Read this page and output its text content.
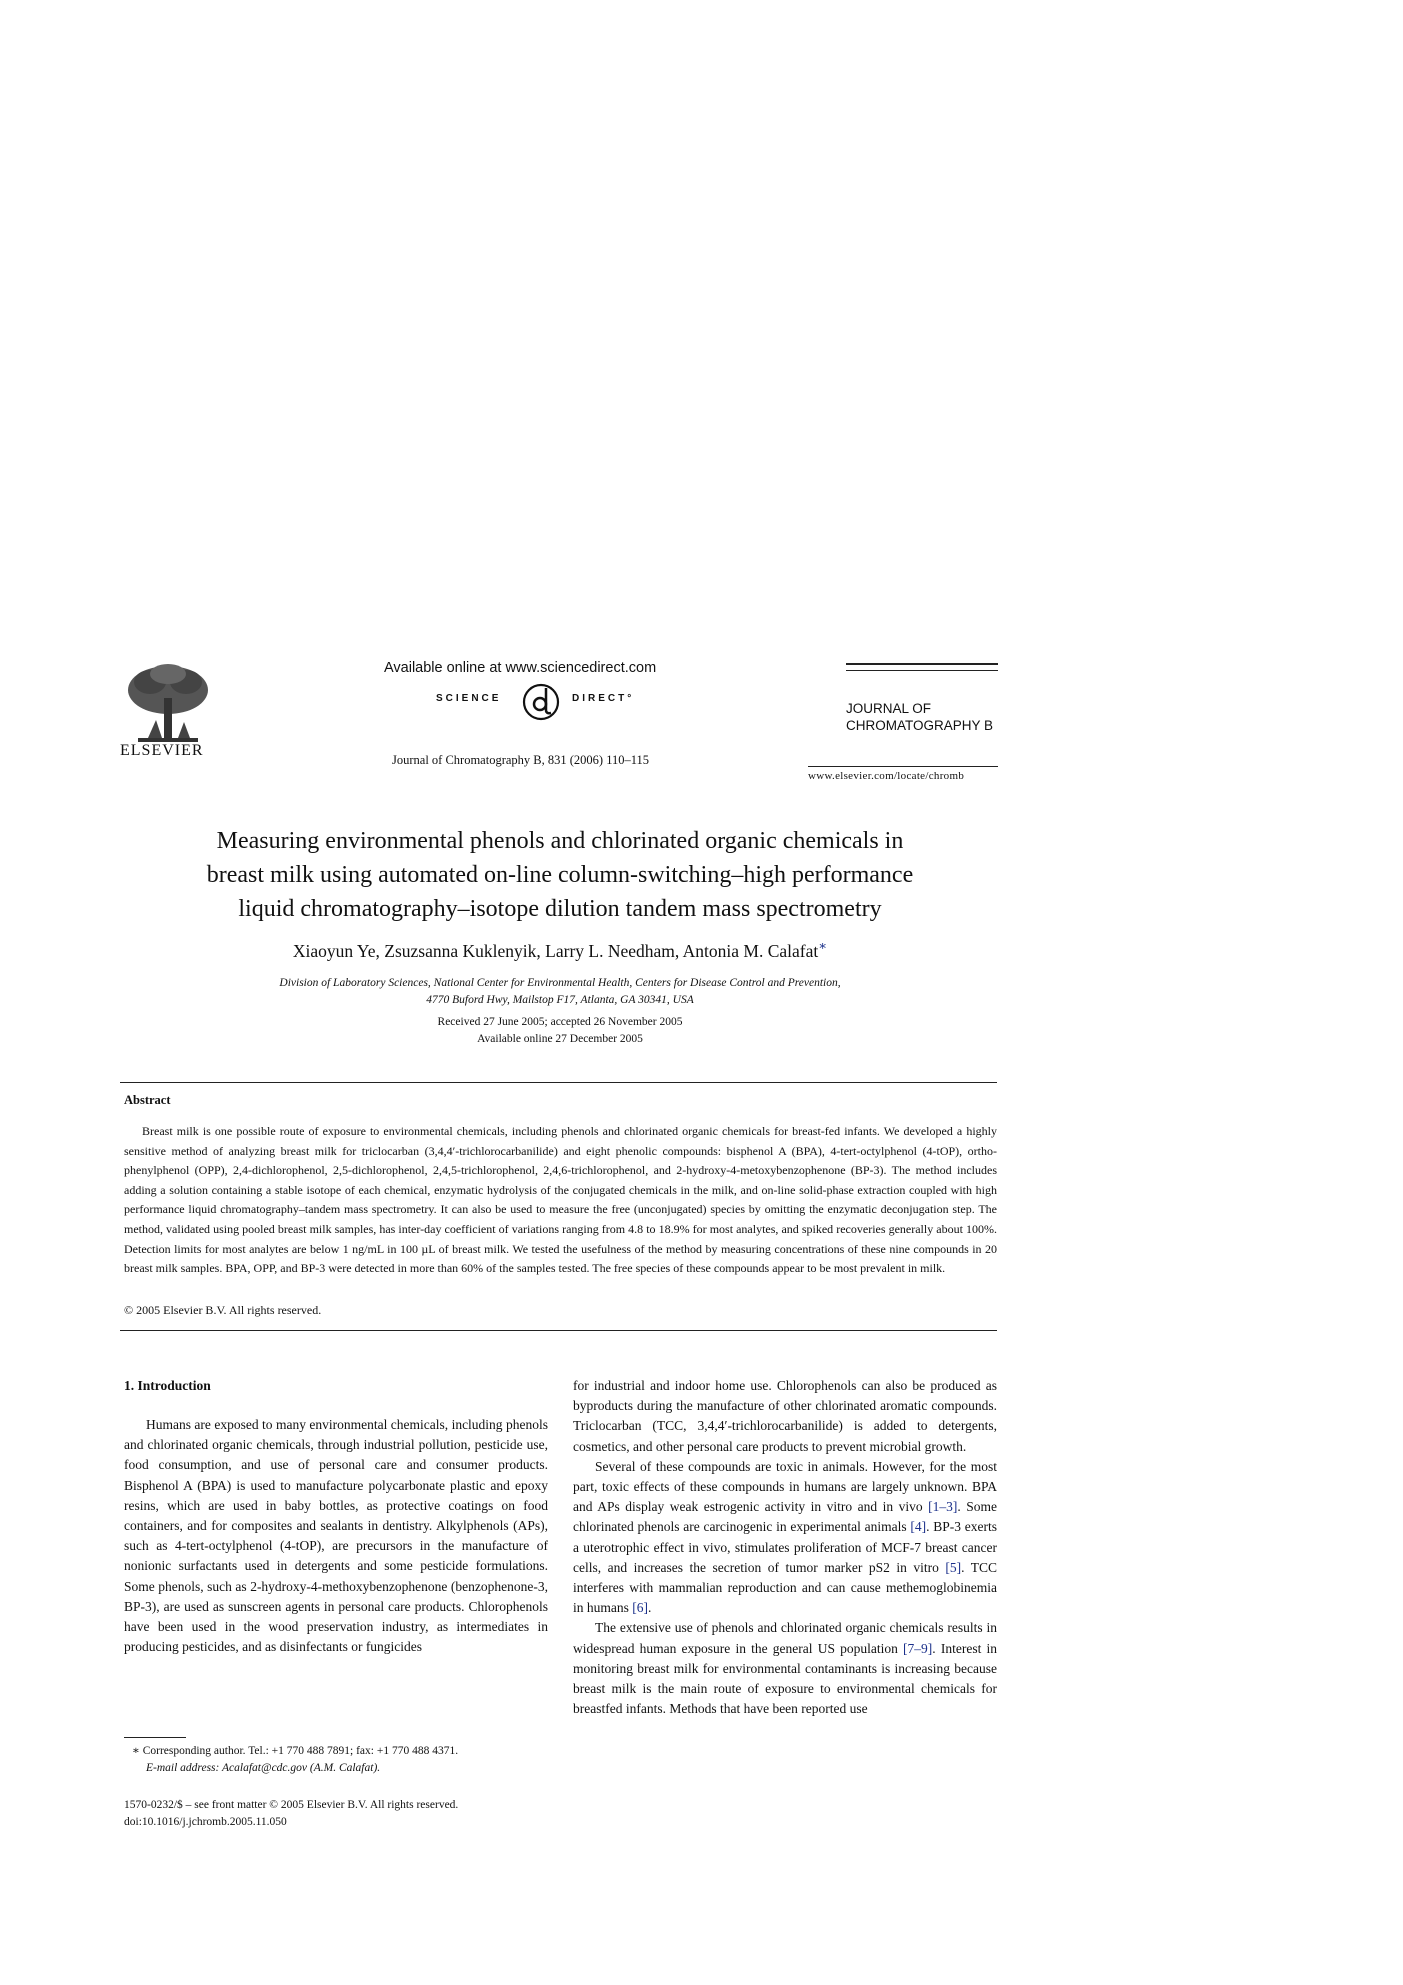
ELSEVIER
Available online at www.sciencedirect.com
SCIENCE	DIRECT°
Journal of Chromatography B, 831 (2006) 110–115
JOURNAL OF
CHROMATOGRAPHY B
www.elsevier.com/locate/chromb
Measuring environmental phenols and chlorinated organic chemicals in
breast milk using automated on-line column-switching–high performance
liquid chromatography–isotope dilution tandem mass spectrometry
Xiaoyun Ye, Zsuzsanna Kuklenyik, Larry L. Needham, Antonia M. Calafat∗
Division of Laboratory Sciences, National Center for Environmental Health, Centers for Disease Control and Prevention,
4770 Buford Hwy, Mailstop F17, Atlanta, GA 30341, USA
Received 27 June 2005; accepted 26 November 2005
Available online 27 December 2005
Abstract

Breast milk is one possible route of exposure to environmental chemicals, including phenols and chlorinated organic chemicals for breast-fed infants. We developed a highly sensitive method of analyzing breast milk for triclocarban (3,4,4′-trichlorocarbanilide) and eight phenolic compounds: bisphenol A (BPA), 4-tert-octylphenol (4-tOP), ortho-phenylphenol (OPP), 2,4-dichlorophenol, 2,5-dichlorophenol, 2,4,5-trichlorophenol, 2,4,6-trichlorophenol, and 2-hydroxy-4-metoxybenzophenone (BP-3). The method includes adding a solution containing a stable isotope of each chemical, enzymatic hydrolysis of the conjugated chemicals in the milk, and on-line solid-phase extraction coupled with high performance liquid chromatography–tandem mass spectrometry. It can also be used to measure the free (unconjugated) species by omitting the enzymatic deconjugation step. The method, validated using pooled breast milk samples, has inter-day coefficient of variations ranging from 4.8 to 18.9% for most analytes, and spiked recoveries generally about 100%. Detection limits for most analytes are below 1 ng/mL in 100 µL of breast milk. We tested the usefulness of the method by measuring concentrations of these nine compounds in 20 breast milk samples. BPA, OPP, and BP-3 were detected in more than 60% of the samples tested. The free species of these compounds appear to be most prevalent in milk.

© 2005 Elsevier B.V. All rights reserved.
1. Introduction

Humans are exposed to many environmental chemicals, including phenols and chlorinated organic chemicals, through industrial pollution, pesticide use, food consumption, and use of personal care and consumer products. Bisphenol A (BPA) is used to manufacture polycarbonate plastic and epoxy resins, which are used in baby bottles, as protective coatings on food containers, and for composites and sealants in dentistry. Alkylphenols (APs), such as 4-tert-octylphenol (4-tOP), are precursors in the manufacture of nonionic surfactants used in detergents and some pesticide formulations. Some phenols, such as 2-hydroxy-4-methoxybenzophenone (benzophenone-3, BP-3), are used as sunscreen agents in personal care products. Chlorophenols have been used in the wood preservation industry, as intermediates in producing pesticides, and as disinfectants or fungicides

for industrial and indoor home use. Chlorophenols can also be produced as byproducts during the manufacture of other chlorinated aromatic compounds. Triclocarban (TCC, 3,4,4′-trichlorocarbanilide) is added to detergents, cosmetics, and other personal care products to prevent microbial growth.

Several of these compounds are toxic in animals. However, for the most part, toxic effects of these compounds in humans are largely unknown. BPA and APs display weak estrogenic activity in vitro and in vivo [1–3]. Some chlorinated phenols are carcinogenic in experimental animals [4]. BP-3 exerts a uterotrophic effect in vivo, stimulates proliferation of MCF-7 breast cancer cells, and increases the secretion of tumor marker pS2 in vitro [5]. TCC interferes with mammalian reproduction and can cause methemoglobinemia in humans [6].

The extensive use of phenols and chlorinated organic chemicals results in widespread human exposure in the general US population [7–9]. Interest in monitoring breast milk for environmental contaminants is increasing because breast milk is the main route of exposure to environmental chemicals for breastfed infants. Methods that have been reported use

∗ Corresponding author. Tel.: +1 770 488 7891; fax: +1 770 488 4371.
E-mail address: Acalafat@cdc.gov (A.M. Calafat).
1570-0232/$ – see front matter © 2005 Elsevier B.V. All rights reserved.
doi:10.1016/j.jchromb.2005.11.050
